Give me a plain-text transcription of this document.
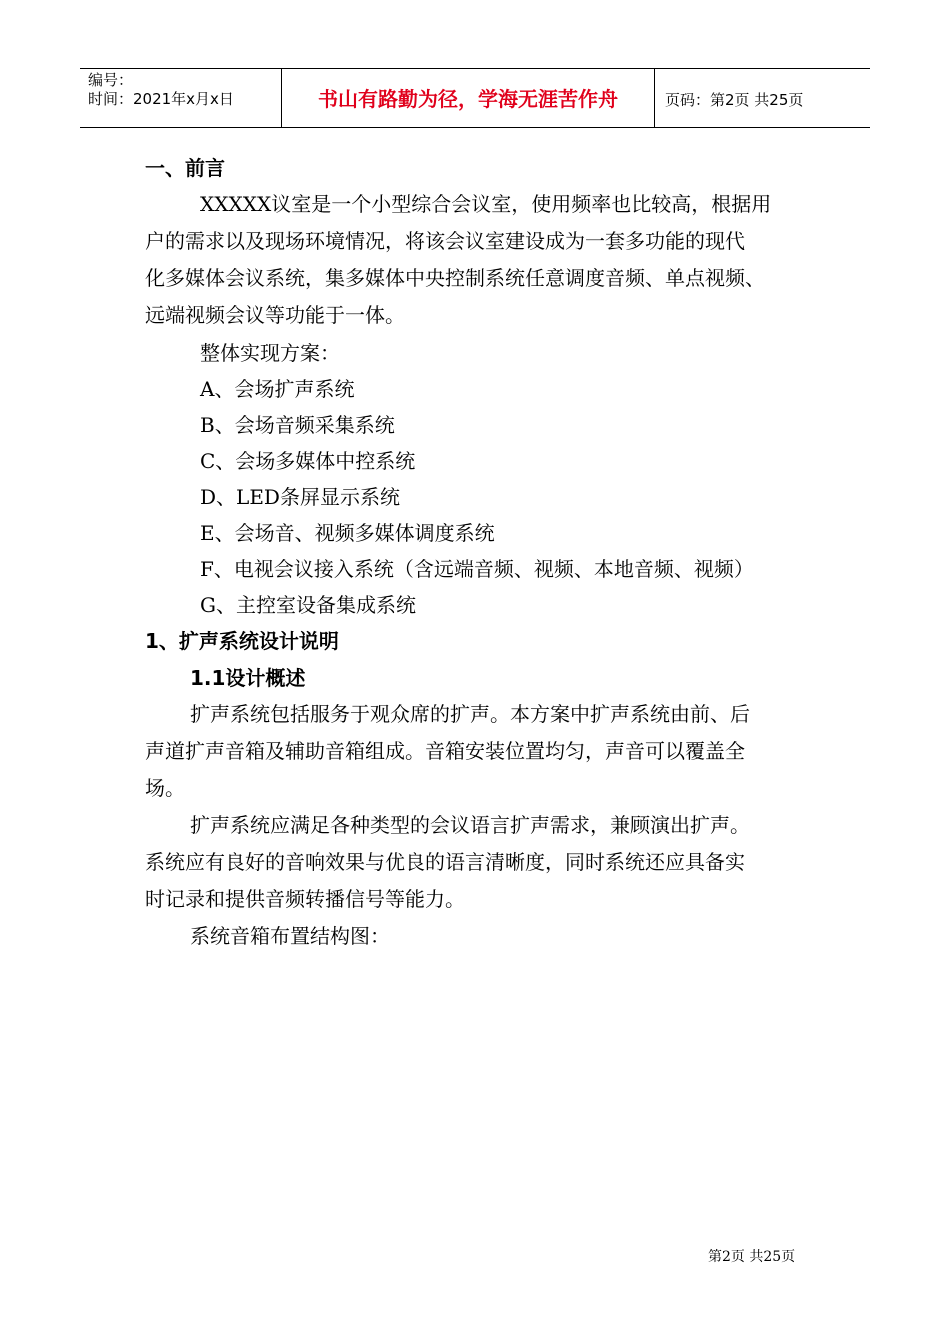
编号：
时间：2021年x月x日	书山有路勤为径，学海无涯苦作舟	页码：第2页 共25页
一、前言
XXXXX议室是一个小型综合会议室，使用频率也比较高，根据用
户的需求以及现场环境情况，将该会议室建设成为一套多功能的现代
化多媒体会议系统，集多媒体中央控制系统任意调度音频、单点视频、
远端视频会议等功能于一体。
整体实现方案：
A、会场扩声系统
B、会场音频采集系统
C、会场多媒体中控系统
D、LED条屏显示系统
E、会场音、视频多媒体调度系统
F、电视会议接入系统（含远端音频、视频、本地音频、视频）
G、主控室设备集成系统
1、扩声系统设计说明
1.1设计概述
扩声系统包括服务于观众席的扩声。本方案中扩声系统由前、后
声道扩声音箱及辅助音箱组成。音箱安装位置均匀，声音可以覆盖全
场。
扩声系统应满足各种类型的会议语言扩声需求，兼顾演出扩声。
系统应有良好的音响效果与优良的语言清晰度，同时系统还应具备实
时记录和提供音频转播信号等能力。
系统音箱布置结构图：
第2页 共25页
